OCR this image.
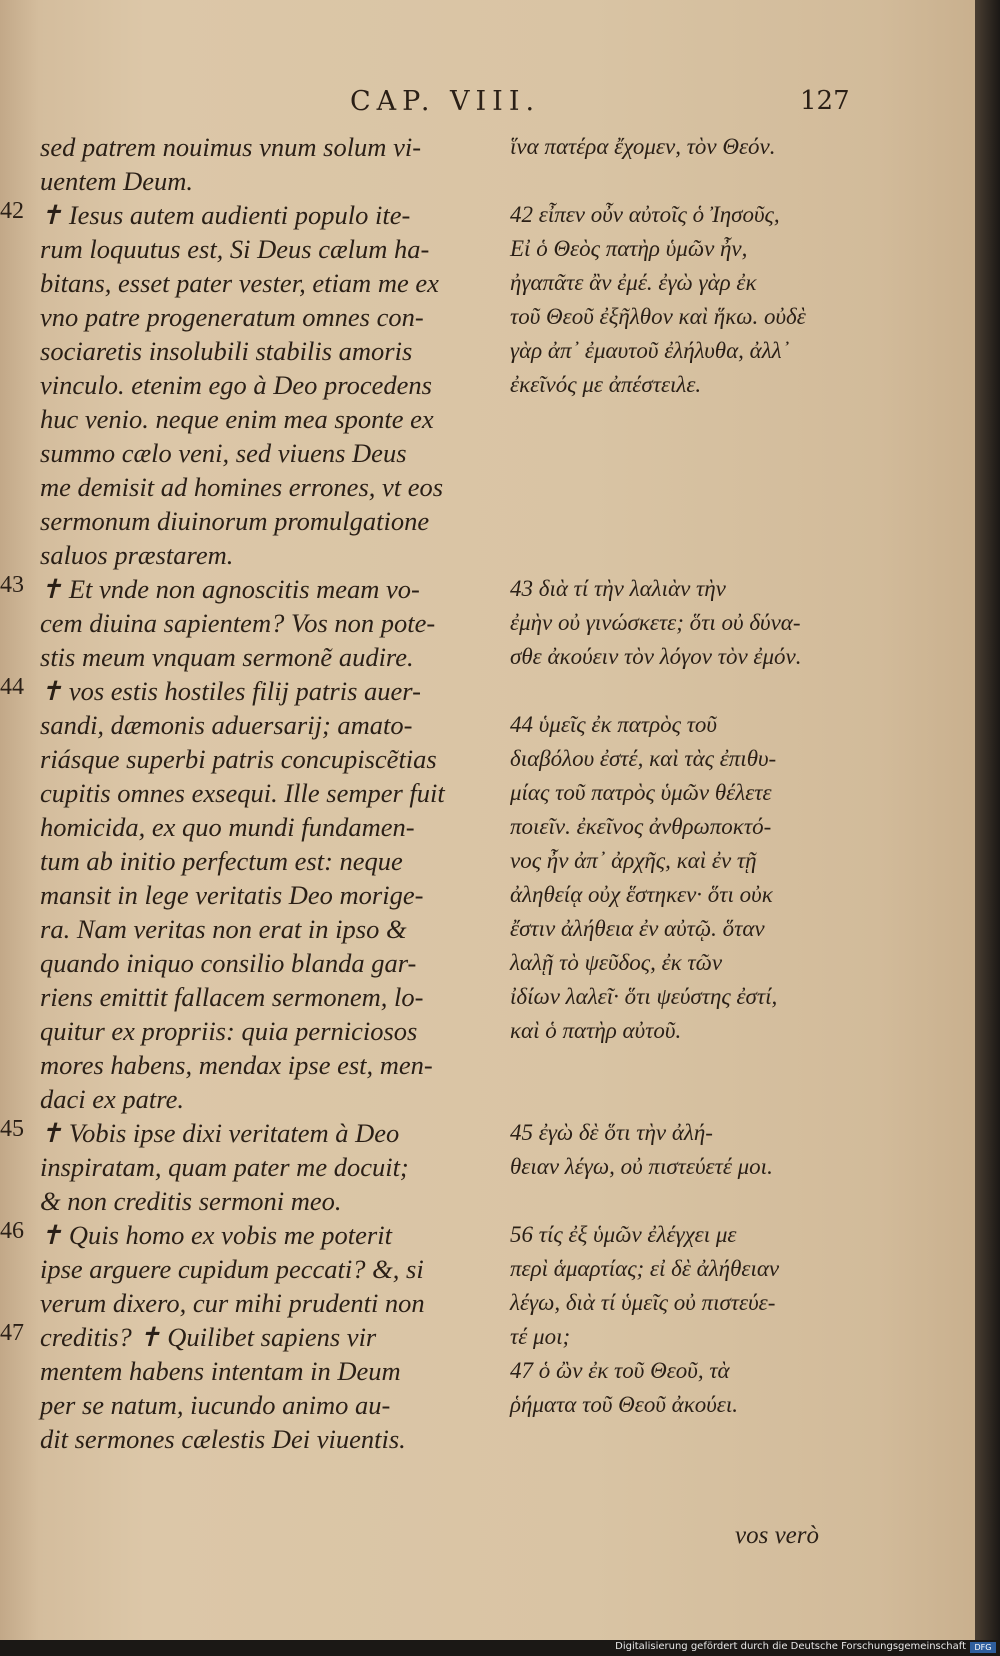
CAP. VIII.	127
42
43
44
45
46
47
sed patrem nouimus vnum solum vi-
uentem Deum.
✝ Iesus autem audienti populo ite-
rum loquutus est, Si Deus cælum ha-
bitans, esset pater vester, etiam me ex
vno patre progeneratum omnes con-
sociaretis insolubili stabilis amoris
vinculo. etenim ego à Deo procedens
huc venio. neque enim mea sponte ex
summo cælo veni, sed viuens Deus
me demisit ad homines errones, vt eos
sermonum diuinorum promulgatione
saluos præstarem.
✝ Et vnde non agnoscitis meam vo-
cem diuina sapientem? Vos non pote-
stis meum vnquam sermonẽ audire.
✝ vos estis hostiles filij patris auer-
sandi, dæmonis aduersarij; amato-
riásque superbi patris concupiscẽtias
cupitis omnes exsequi. Ille semper fuit
homicida, ex quo mundi fundamen-
tum ab initio perfectum est: neque
mansit in lege veritatis Deo morige-
ra. Nam veritas non erat in ipso &
quando iniquo consilio blanda gar-
riens emittit fallacem sermonem, lo-
quitur ex propriis: quia perniciosos
mores habens, mendax ipse est, men-
daci ex patre.
✝ Vobis ipse dixi veritatem à Deo
inspiratam, quam pater me docuit;
& non creditis sermoni meo.
✝ Quis homo ex vobis me poterit
ipse arguere cupidum peccati? &, si
verum dixero, cur mihi prudenti non
creditis? ✝ Quilibet sapiens vir
mentem habens intentam in Deum
per se natum, iucundo animo au-
dit sermones cælestis Dei viuentis.
ἵνα πατέρα ἔχομεν, τὸν Θεόν.
42 εἶπεν οὖν αὐτοῖς ὁ Ἰησοῦς,
Εἰ ὁ Θεὸς πατὴρ ὑμῶν ἦν,
ἠγαπᾶτε ἂν ἐμέ. ἐγὼ γὰρ ἐκ
τοῦ Θεοῦ ἐξῆλθον καὶ ἥκω. οὐδὲ
γὰρ ἀπ᾽ ἐμαυτοῦ ἐλήλυθα, ἀλλ᾽
ἐκεῖνός με ἀπέστειλε.
43 διὰ τί τὴν λαλιὰν τὴν
ἐμὴν οὐ γινώσκετε; ὅτι οὐ δύνα-
σθε ἀκούειν τὸν λόγον τὸν ἐμόν.
44 ὑμεῖς ἐκ πατρὸς τοῦ
διαβόλου ἐστέ, καὶ τὰς ἐπιθυ-
μίας τοῦ πατρὸς ὑμῶν θέλετε
ποιεῖν. ἐκεῖνος ἀνθρωποκτό-
νος ἦν ἀπ᾽ ἀρχῆς, καὶ ἐν τῇ
ἀληθείᾳ οὐχ ἕστηκεν· ὅτι οὐκ
ἔστιν ἀλήθεια ἐν αὐτῷ. ὅταν
λαλῇ τὸ ψεῦδος, ἐκ τῶν
ἰδίων λαλεῖ· ὅτι ψεύστης ἐστί,
καὶ ὁ πατὴρ αὐτοῦ.
45 ἐγὼ δὲ ὅτι τὴν ἀλή-
θειαν λέγω, οὐ πιστεύετέ μοι.
56 τίς ἐξ ὑμῶν ἐλέγχει με
περὶ ἁμαρτίας; εἰ δὲ ἀλήθειαν
λέγω, διὰ τί ὑμεῖς οὐ πιστεύε-
τέ μοι;
47 ὁ ὢν ἐκ τοῦ Θεοῦ, τὰ
ῥήματα τοῦ Θεοῦ ἀκούει.
vos verò
Digitalisierung gefördert durch die Deutsche Forschungsgemeinschaft	DFG
